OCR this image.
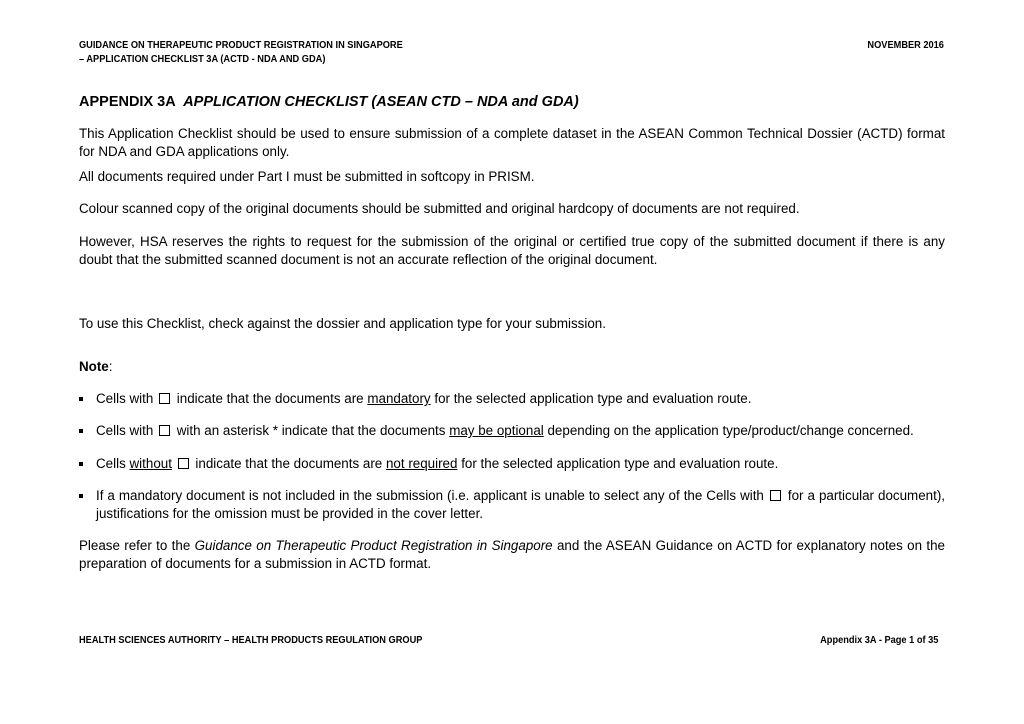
GUIDANCE ON THERAPEUTIC PRODUCT REGISTRATION IN SINGAPORE
– APPLICATION CHECKLIST 3A (ACTD - NDA AND GDA)
NOVEMBER 2016
APPENDIX 3A APPLICATION CHECKLIST (ASEAN CTD – NDA and GDA)

This Application Checklist should be used to ensure submission of a complete dataset in the ASEAN Common Technical Dossier (ACTD) format for NDA and GDA applications only.

All documents required under Part I must be submitted in softcopy in PRISM.

Colour scanned copy of the original documents should be submitted and original hardcopy of documents are not required.

However, HSA reserves the rights to request for the submission of the original or certified true copy of the submitted document if there is any doubt that the submitted scanned document is not an accurate reflection of the original document.

To use this Checklist, check against the dossier and application type for your submission.

Note:

Cells with indicate that the documents are mandatory for the selected application type and evaluation route.
Cells with with an asterisk * indicate that the documents may be optional depending on the application type/product/change concerned.
Cells without indicate that the documents are not required for the selected application type and evaluation route.
If a mandatory document is not included in the submission (i.e. applicant is unable to select any of the Cells with for a particular document), justifications for the omission must be provided in the cover letter.

Please refer to the Guidance on Therapeutic Product Registration in Singapore and the ASEAN Guidance on ACTD for explanatory notes on the preparation of documents for a submission in ACTD format.

HEALTH SCIENCES AUTHORITY – HEALTH PRODUCTS REGULATION GROUP	Appendix 3A - Page 1 of 35
